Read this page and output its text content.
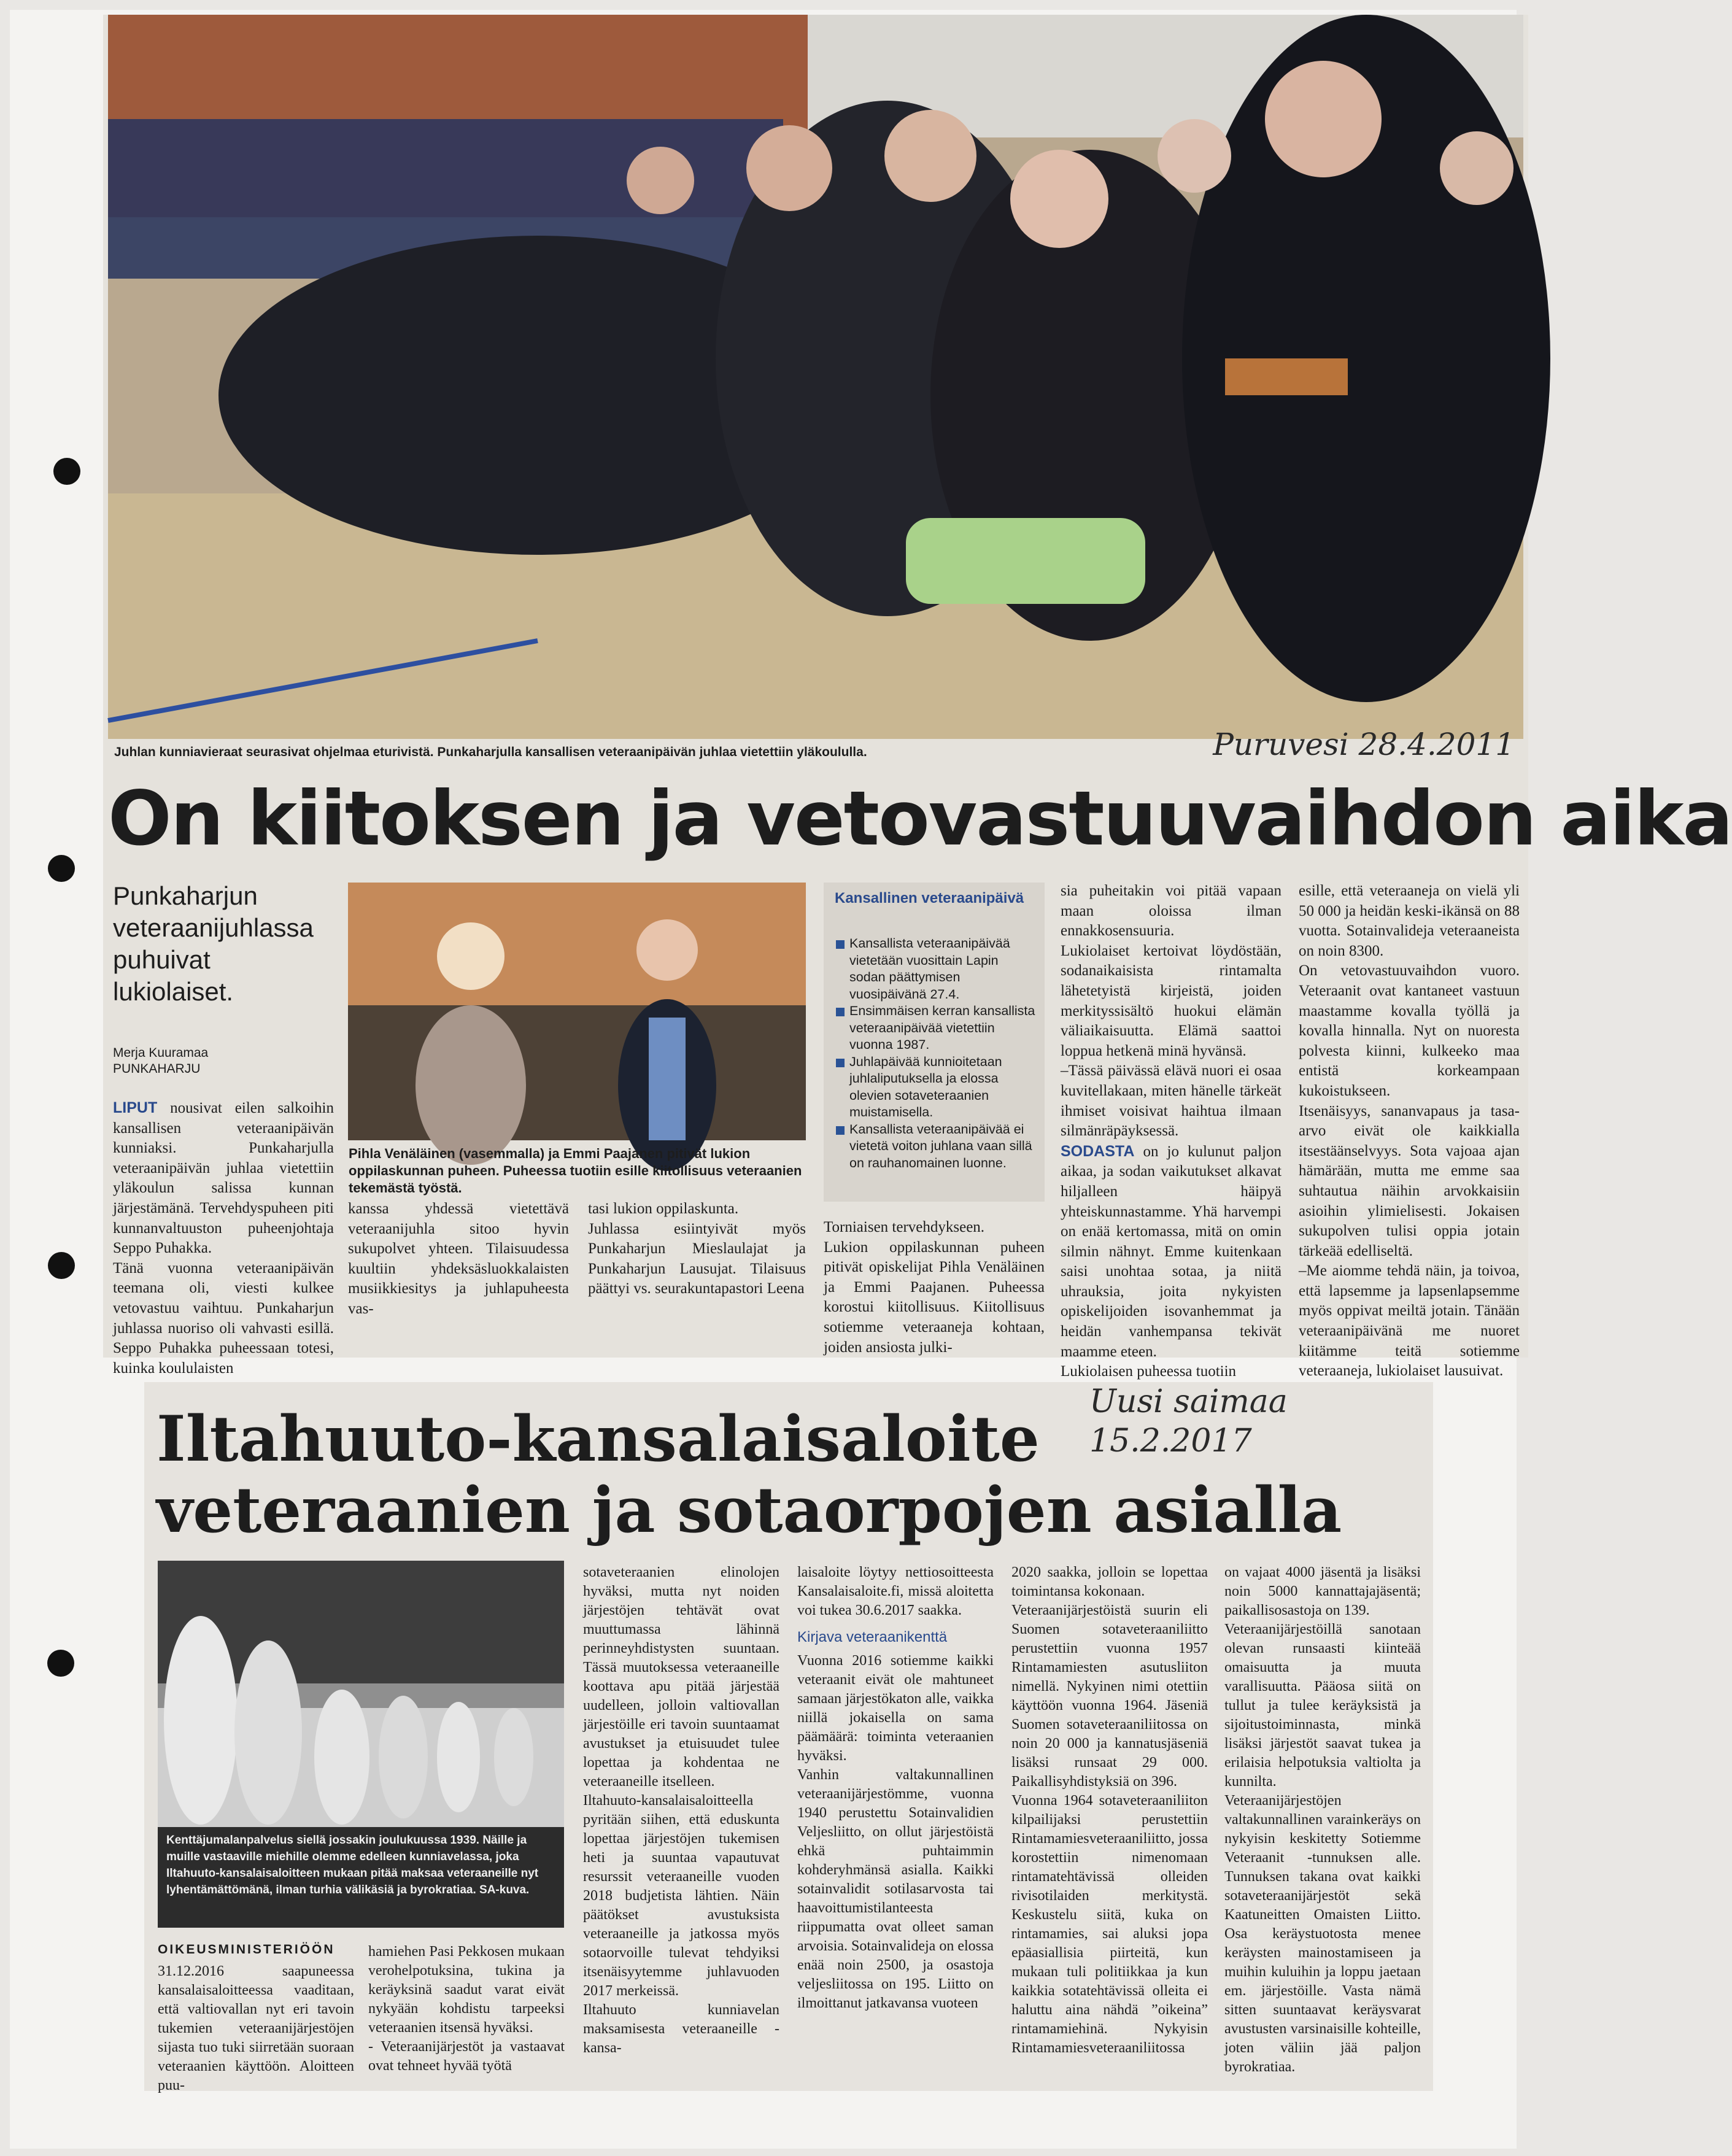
Juhlan kunniavieraat seurasivat ohjelmaa eturivistä. Punkaharjulla kansallisen veteraanipäivän juhlaa vietettiin yläkoululla.	Puruvesi 28.4.2011
On kiitoksen ja vetovastuuvaihdon aika
Punkaharjun veteraanijuhlassa puhuivat lukiolaiset.
Merja Kuuramaa
PUNKAHARJU
LIPUT nousivat eilen salkoihin kansallisen veteraanipäivän kunniaksi. Punkaharjulla veteraanipäivän juhlaa vietettiin yläkoulun salissa kunnan järjestämänä. Tervehdyspuheen piti kunnanvaltuuston puheenjohtaja Seppo Puhakka.
Tänä vuonna veteraanipäivän teemana oli, viesti kulkee vetovastuu vaihtuu. Punkaharjun juhlassa nuoriso oli vahvasti esillä. Seppo Puhakka puheessaan totesi, kuinka koululaisten
Pihla Venäläinen (vasemmalla) ja Emmi Paajanen pitivät lukion oppilaskunnan puheen. Puheessa tuotiin esille kiitollisuus veteraanien tekemästä työstä.
kanssa yhdessä vietettävä veteraanijuhla sitoo hyvin sukupolvet yhteen. Tilaisuudessa kuultiin yhdeksäsluokkalaisten musiikkiesitys ja juhlapuheesta vas-
tasi lukion oppilaskunta.
Juhlassa esiintyivät myös Punkaharjun Mieslaulajat ja Punkaharjun Lausujat. Tilaisuus päättyi vs. seurakuntapastori Leena
Kansallinen veteraanipäivä
Kansallista veteraanipäivää vietetään vuosittain Lapin sodan päättymisen vuosipäivänä 27.4.
Ensimmäisen kerran kansallista veteraanipäivää vietettiin vuonna 1987.
Juhlapäivää kunnioitetaan juhlaliputuksella ja elossa olevien sotaveteraanien muistamisella.
Kansallista veteraanipäivää ei vietetä voiton juhlana vaan sillä on rauhanomainen luonne.
Torniaisen tervehdykseen.
Lukion oppilaskunnan puheen pitivät opiskelijat Pihla Venäläinen ja Emmi Paajanen. Puheessa korostui kiitollisuus. Kiitollisuus sotiemme veteraaneja kohtaan, joiden ansiosta julki-
sia puheitakin voi pitää vapaan maan oloissa ilman ennakkosensuuria.
Lukiolaiset kertoivat löydöstään, sodanaikaisista rintamalta lähetetyistä kirjeistä, joiden merkityssisältö huokui elämän väliaikaisuutta. Elämä saattoi loppua hetkenä minä hyvänsä.
–Tässä päivässä elävä nuori ei osaa kuvitellakaan, miten hänelle tärkeät ihmiset voisivat haihtua ilmaan silmänräpäyksessä.
SODASTA on jo kulunut paljon aikaa, ja sodan vaikutukset alkavat hiljalleen häipyä yhteiskunnastamme. Yhä harvempi on enää kertomassa, mitä on omin silmin nähnyt. Emme kuitenkaan saisi unohtaa sotaa, ja niitä uhrauksia, joita nykyisten opiskelijoiden isovanhemmat ja heidän vanhempansa tekivät maamme eteen.
Lukiolaisen puheessa tuotiin
esille, että veteraaneja on vielä yli 50 000 ja heidän keski-ikänsä on 88 vuotta. Sotainvalideja veteraaneista on noin 8300.
On vetovastuuvaihdon vuoro. Veteraanit ovat kantaneet vastuun maastamme kovalla työllä ja kovalla hinnalla. Nyt on nuoresta polvesta kiinni, kulkeeko maa entistä korkeampaan kukoistukseen.
Itsenäisyys, sananvapaus ja tasa-arvo eivät ole kaikkialla itsestäänselvyys. Sota vajoaa ajan hämärään, mutta me emme saa suhtautua näihin arvokkaisiin asioihin ylimielisesti. Jokaisen sukupolven tulisi oppia jotain tärkeää edelliseltä.
–Me aiomme tehdä näin, ja toivoa, että lapsemme ja lapsenlapsemme myös oppivat meiltä jotain. Tänään veteraanipäivänä me nuoret kiitämme teitä sotiemme veteraaneja, lukiolaiset lausuivat.
Uusi saimaa 15.2.2017
Iltahuuto-kansalaisaloite
veteraanien ja sotaorpojen asialla
Kenttäjumalanpalvelus siellä jossakin joulukuussa 1939. Näille ja muille vastaaville miehille olemme edelleen kunniavelassa, joka Iltahuuto-kansalaisaloitteen mukaan pitää maksaa veteraaneille nyt lyhentämättömänä, ilman turhia välikäsiä ja byrokratiaa. SA-kuva.
OIKEUSMINISTERIÖÖN
31.12.2016 saapuneessa kansalaisaloitteessa vaaditaan, että valtiovallan nyt eri tavoin tukemien veteraanijärjestöjen sijasta tuo tuki siirretään suoraan veteraanien käyttöön. Aloitteen puu-
hamiehen Pasi Pekkosen mukaan verohelpotuksina, tukina ja keräyksinä saadut varat eivät nykyään kohdistu tarpeeksi veteraanien itsensä hyväksi.
- Veteraanijärjestöt ja vastaavat ovat tehneet hyvää työtä
sotaveteraanien elinolojen hyväksi, mutta nyt noiden järjestöjen tehtävät ovat muuttumassa lähinnä perinneyhdistysten suuntaan. Tässä muutoksessa veteraaneille koottava apu pitää järjestää uudelleen, jolloin valtiovallan järjestöille eri tavoin suuntaamat avustukset ja etuisuudet tulee lopettaa ja kohdentaa ne veteraaneille itselleen.
Iltahuuto-kansalaisaloitteella pyritään siihen, että eduskunta lopettaa järjestöjen tukemisen heti ja suuntaa vapautuvat resurssit veteraaneille vuoden 2018 budjetista lähtien. Näin päätökset avustuksista veteraaneille ja jatkossa myös sotaorvoille tulevat tehdyiksi itsenäisyytemme juhlavuoden 2017 merkeissä.
Iltahuuto kunniavelan maksamisesta veteraaneille -kansa-
laisaloite löytyy nettiosoitteesta Kansalaisaloite.fi, missä aloitetta voi tukea 30.6.2017 saakka.

Kirjava veteraanikenttä
Vuonna 2016 sotiemme kaikki veteraanit eivät ole mahtuneet samaan järjestökaton alle, vaikka niillä jokaisella on sama päämäärä: toiminta veteraanien hyväksi.
Vanhin valtakunnallinen veteraanijärjestömme, vuonna 1940 perustettu Sotainvalidien Veljesliitto, on ollut järjestöistä ehkä puhtaimmin kohderyhmänsä asialla. Kaikki sotainvalidit sotilasarvosta tai haavoittumistilanteesta riippumatta ovat olleet saman arvoisia. Sotainvalideja on elossa enää noin 2500, ja osastoja veljesliitossa on 195. Liitto on ilmoittanut jatkavansa vuoteen
2020 saakka, jolloin se lopettaa toimintansa kokonaan.
Veteraanijärjestöistä suurin eli Suomen sotaveteraaniliitto perustettiin vuonna 1957 Rintamamiesten asutusliiton nimellä. Nykyinen nimi otettiin käyttöön vuonna 1964. Jäseniä Suomen sotaveteraaniliitossa on noin 20 000 ja kannatusjäseniä lisäksi runsaat 29 000. Paikallisyhdistyksiä on 396.
Vuonna 1964 sotaveteraaniliiton kilpailijaksi perustettiin Rintamamiesveteraaniliitto, jossa korostettiin nimenomaan rintamatehtävissä olleiden rivisotilaiden merkitystä. Keskustelu siitä, kuka on rintamamies, sai aluksi jopa epäasiallisia piirteitä, kun mukaan tuli politiikkaa ja kun kaikkia sotatehtävissä olleita ei haluttu aina nähdä ”oikeina” rintamamiehinä. Nykyisin Rintamamiesveteraaniliitossa
on vajaat 4000 jäsentä ja lisäksi noin 5000 kannattajajäsentä; paikallisosastoja on 139.
Veteraanijärjestöillä sanotaan olevan runsaasti kiinteää omaisuutta ja muuta varallisuutta. Pääosa siitä on tullut ja tulee keräyksistä ja sijoitustoiminnasta, minkä lisäksi järjestöt saavat tukea ja erilaisia helpotuksia valtiolta ja kunnilta.
Veteraanijärjestöjen valtakunnallinen varainkeräys on nykyisin keskitetty Sotiemme Veteraanit -tunnuksen alle. Tunnuksen takana ovat kaikki sotaveteraanijärjestöt sekä Kaatuneitten Omaisten Liitto. Osa keräystuotosta menee keräysten mainostamiseen ja muihin kuluihin ja loppu jaetaan em. järjestöille. Vasta nämä sitten suuntaavat keräysvarat avustusten varsinaisille kohteille, joten väliin jää paljon byrokratiaa.
